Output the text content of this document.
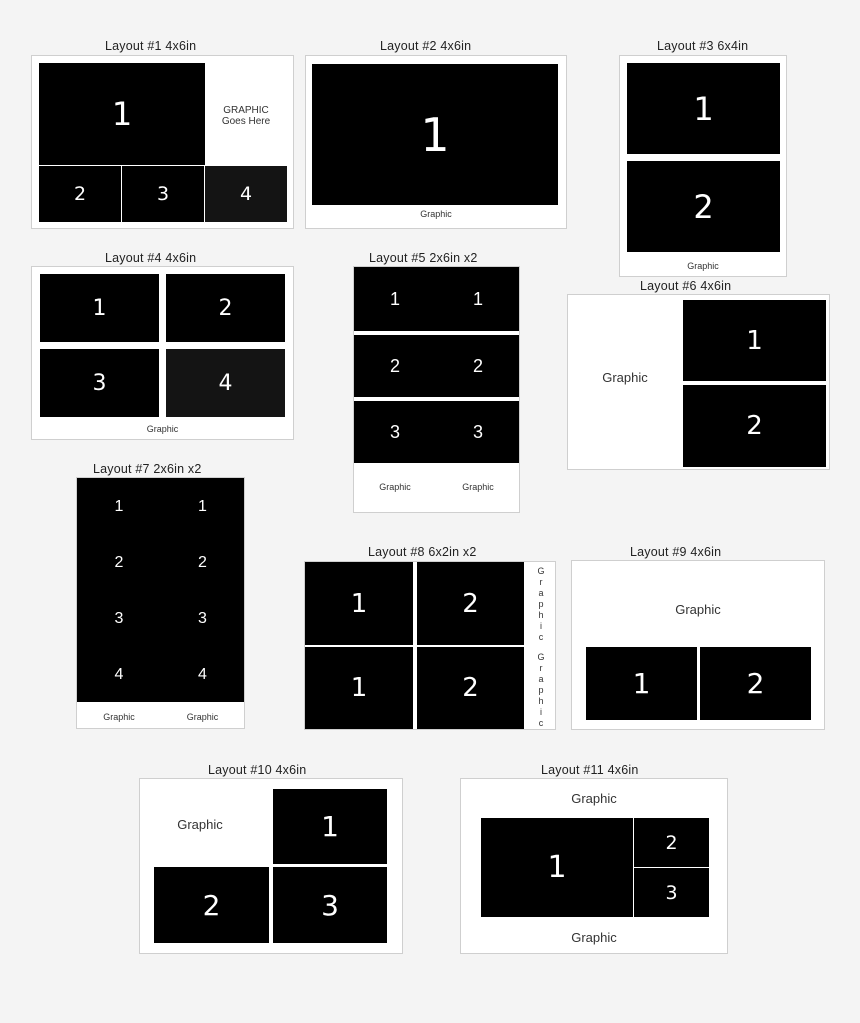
Layout #1 4x6in
1	GRAPHIC
Goes Here
2	3	4
Layout #2 4x6in
1
Graphic
Layout #3 6x4in
1
2
Graphic
Layout #4 4x6in
1	2
3	4
Graphic
Layout #5 2x6in x2
1	1
2	2
3	3
Graphic	Graphic
Layout #6 4x6in
Graphic
1
2
Layout #7 2x6in x2
1	1
2	2
3	3
4	4
Graphic	Graphic
Layout #8 6x2in x2
1	2
1	2
Graphic
Graphic
Layout #9 4x6in
Graphic
1	2
Layout #10 4x6in
Graphic	1
2	3
Layout #11 4x6in
Graphic
1
2
3
Graphic
